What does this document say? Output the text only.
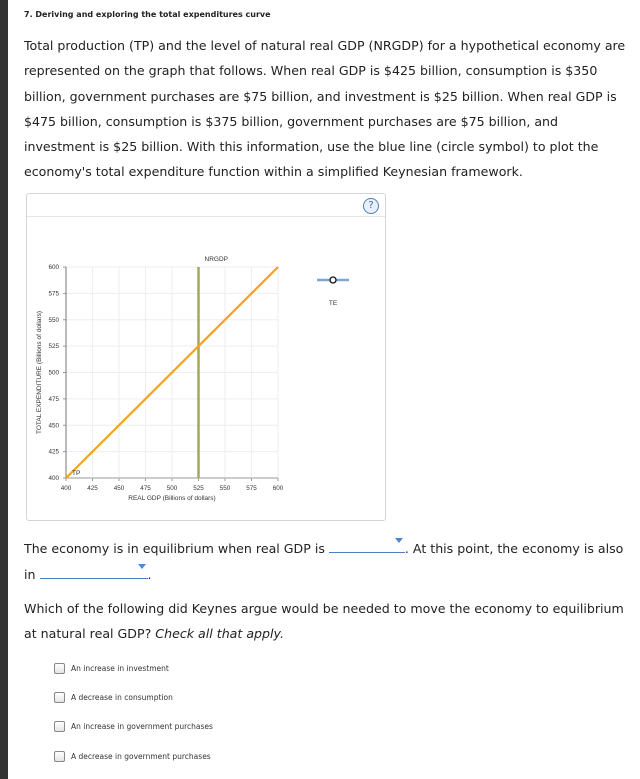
7. Deriving and exploring the total expenditures curve
Total production (TP) and the level of natural real GDP (NRGDP) for a hypothetical economy are represented on the graph that follows. When real GDP is $425 billion, consumption is $350 billion, government purchases are $75 billion, and investment is $25 billion. When real GDP is $475 billion, consumption is $375 billion, government purchases are $75 billion, and investment is $25 billion. With this information, use the blue line (circle symbol) to plot the economy's total expenditure function within a simplified Keynesian framework.
?
400	425	450	475	500	525	550	575	600
400
425
450
475
500
525
550
575
600
REAL GDP (Billions of dollars)
TOTAL EXPENDITURE (Billions of dollars)
NRGDP
TP
TE
The economy is in equilibrium when real GDP is	. At this point, the economy is also
in	.
Which of the following did Keynes argue would be needed to move the economy to equilibrium at natural real GDP? Check all that apply.
An increase in investment
A decrease in consumption
An increase in government purchases
A decrease in government purchases
